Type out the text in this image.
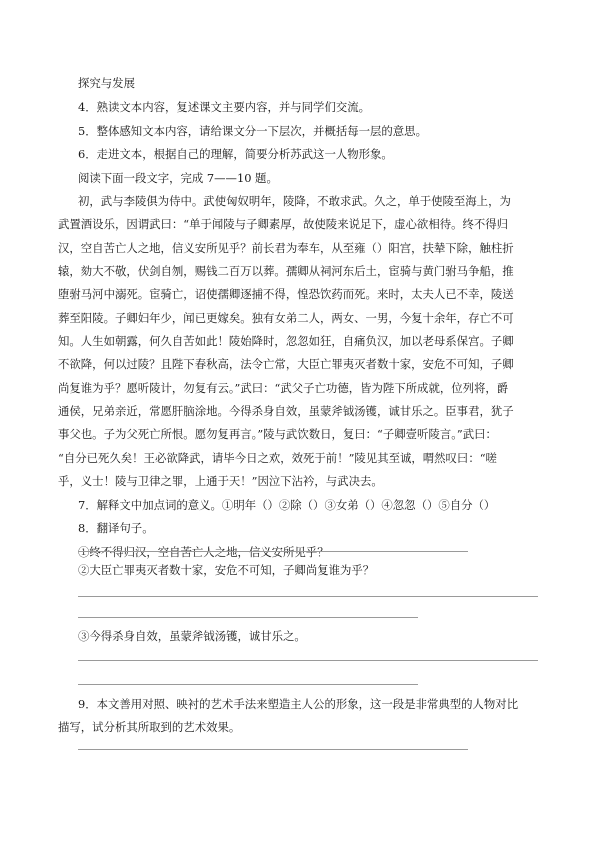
探究与发展
4．熟读文本内容，复述课文主要内容，并与同学们交流。
5．整体感知文本内容，请给课文分一下层次，并概括每一层的意思。
6．走进文本，根据自己的理解，简要分析苏武这一人物形象。
阅读下面一段文字，完成 7——10 题。
初，武与李陵俱为侍中。武使匈奴明年，陵降，不敢求武。久之，单于使陵至海上，为
武置酒设乐，因谓武曰：“单于闻陵与子卿素厚，故使陵来说足下，虚心欲相待。终不得归
汉，空自苦亡人之地，信义安所见乎？前长君为奉车，从至雍（）阳宫，扶辇下除，触柱折
辕，劾大不敬，伏剑自刎，赐钱二百万以葬。孺卿从祠河东后土，宦骑与黄门驸马争船，推
堕驸马河中溺死。宦骑亡，诏使孺卿逐捕不得，惶恐饮药而死。来时，太夫人已不幸，陵送
葬至阳陵。子卿妇年少，闻已更嫁矣。独有女弟二人，两女、一男，今复十余年，存亡不可
知。人生如朝露，何久自苦如此！陵始降时，忽忽如狂，自痛负汉，加以老母系保宫。子卿
不欲降，何以过陵？且陛下春秋高，法令亡常，大臣亡罪夷灭者数十家，安危不可知，子卿
尚复谁为乎？愿听陵计，勿复有云。”武曰：“武父子亡功德，皆为陛下所成就，位列将，爵
通侯，兄弟亲近，常愿肝脑涂地。今得杀身自效，虽蒙斧钺汤镬，诚甘乐之。臣事君，犹子
事父也。子为父死亡所恨。愿勿复再言。”陵与武饮数日，复曰：“子卿壹听陵言。”武曰：
“自分已死久矣！王必欲降武，请毕今日之欢，效死于前！”陵见其至诚，喟然叹曰：“嗟
乎，义士！陵与卫律之罪，上通于天！”因泣下沾衿，与武决去。
7．解释文中加点词的意义。①明年（）②除（）③女弟（）④忽忽（）⑤自分（）
8．翻译句子。
①终不得归汉，空自苦亡人之地，信义安所见乎？
②大臣亡罪夷灭者数十家，安危不可知，子卿尚复谁为乎？
③今得杀身自效，虽蒙斧钺汤镬，诚甘乐之。
9．本文善用对照、映衬的艺术手法来塑造主人公的形象，这一段是非常典型的人物对比
描写，试分析其所取到的艺术效果。
